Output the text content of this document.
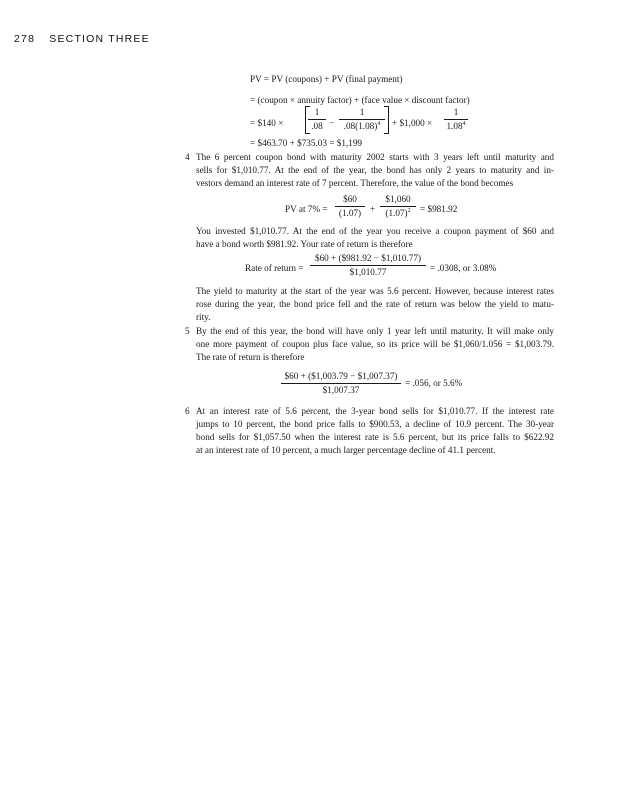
278 SECTION THREE
PV = PV (coupons) + PV (final payment)
= (coupon × annuity factor) + (face value × discount factor)
= $140 ×	$\frac{1}{.08} - \frac{1}{.08(1.08)^4}$ + $1,000 × $\frac{1}{1.08^4}$
= $463.70 + $735.03 = $1,199
4 The 6 percent coupon bond with maturity 2002 starts with 3 years left until maturity and
sells for $1,010.77. At the end of the year, the bond has only 2 years to maturity and in-
vestors demand an interest rate of 7 percent. Therefore, the value of the bond becomes
PV at $7\% = \frac{\$60}{(1.07)} + \frac{\$1,060}{(1.07)^2}$ = $981.92
You invested $1,010.77. At the end of the year you receive a coupon payment of $60 and
have a bond worth $981.92. Your rate of return is therefore
Rate of return = $\frac{\$60 + (\$981.92 - \$1,010.77)}{\$1,010.77} = .0308$, or 3.08%
The yield to maturity at the start of the year was 5.6 percent. However, because interest rates
rose during the year, the bond price fell and the rate of return was below the yield to matu-
rity.
5 By the end of this year, the bond will have only 1 year left until maturity. It will make only
one more payment of coupon plus face value, so its price will be $1,060/1.056 = $1,003.79.
The rate of return is therefore
$\frac{\$60 + (\$1,003.79 - \$1,007.37)}{\$1,007.37} = .056$, or 5.6%
6 At an interest rate of 5.6 percent, the 3-year bond sells for $1,010.77. If the interest rate
jumps to 10 percent, the bond price falls to $900.53, a decline of 10.9 percent. The 30-year
bond sells for $1,057.50 when the interest rate is 5.6 percent, but its price falls to $622.92
at an interest rate of 10 percent, a much larger percentage decline of 41.1 percent.
